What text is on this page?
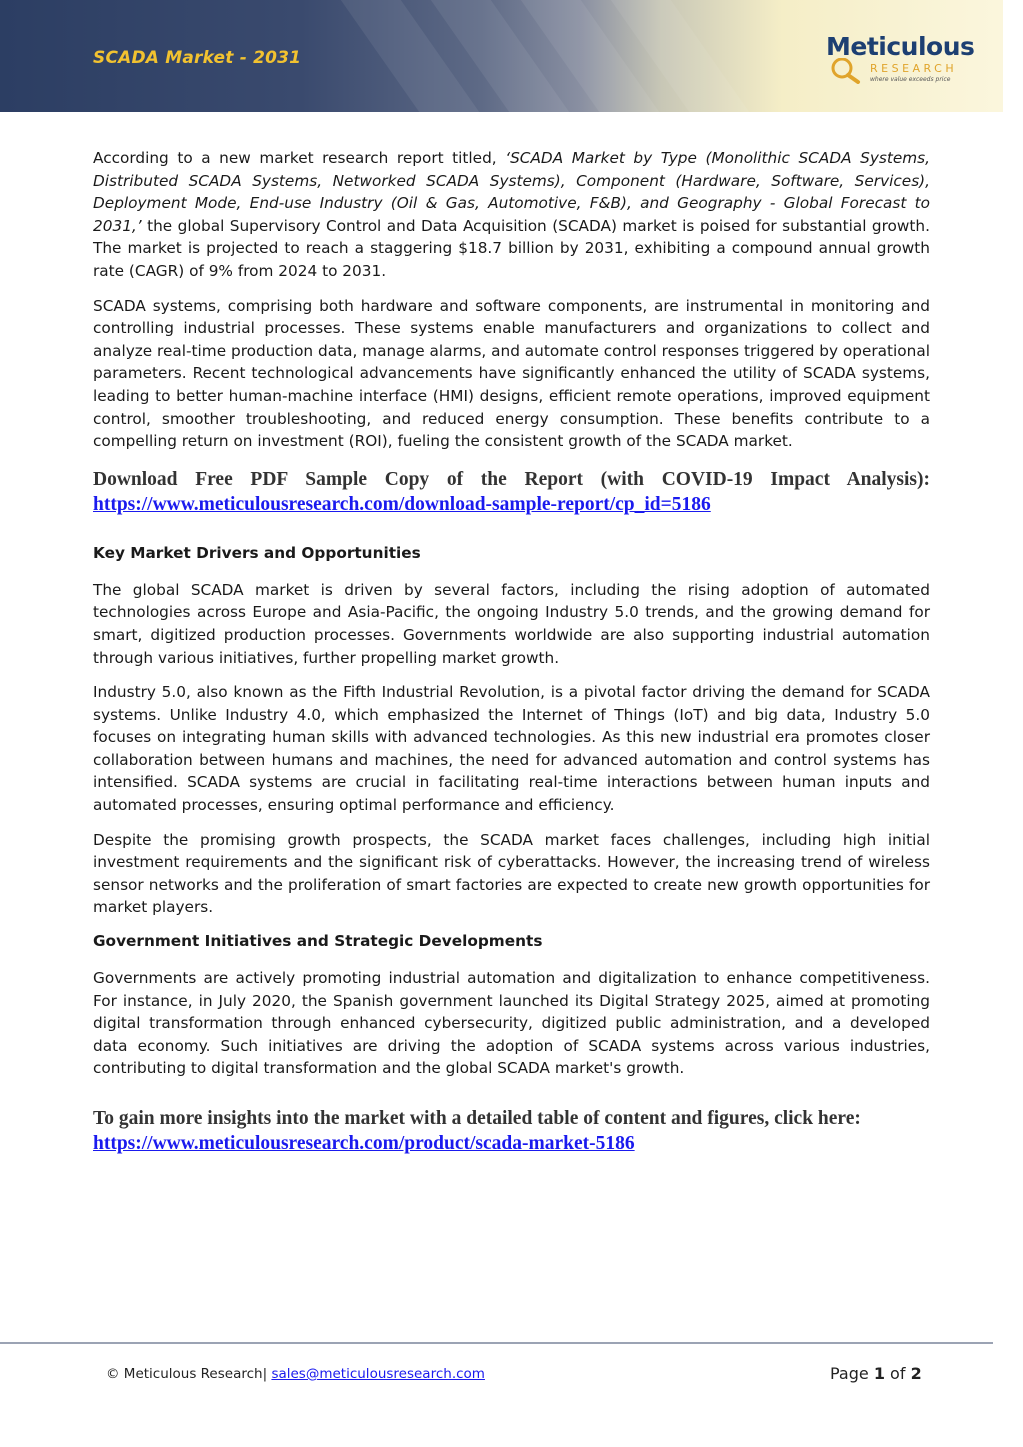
SCADA Market - 2031	Meticulous
RESEARCH
where value exceeds price

According to a new market research report titled, ‘SCADA Market by Type (Monolithic SCADA Systems, Distributed SCADA Systems, Networked SCADA Systems), Component (Hardware, Software, Services), Deployment Mode, End-use Industry (Oil & Gas, Automotive, F&B), and Geography - Global Forecast to 2031,’ the global Supervisory Control and Data Acquisition (SCADA) market is poised for substantial growth. The market is projected to reach a staggering $18.7 billion by 2031, exhibiting a compound annual growth rate (CAGR) of 9% from 2024 to 2031.

SCADA systems, comprising both hardware and software components, are instrumental in monitoring and controlling industrial processes. These systems enable manufacturers and organizations to collect and analyze real-time production data, manage alarms, and automate control responses triggered by operational parameters. Recent technological advancements have significantly enhanced the utility of SCADA systems, leading to better human-machine interface (HMI) designs, efficient remote operations, improved equipment control, smoother troubleshooting, and reduced energy consumption. These benefits contribute to a compelling return on investment (ROI), fueling the consistent growth of the SCADA market.

Download Free PDF Sample Copy of the Report (with COVID-19 Impact Analysis):
https://www.meticulousresearch.com/download-sample-report/cp_id=5186
Key Market Drivers and Opportunities

The global SCADA market is driven by several factors, including the rising adoption of automated technologies across Europe and Asia-Pacific, the ongoing Industry 5.0 trends, and the growing demand for smart, digitized production processes. Governments worldwide are also supporting industrial automation through various initiatives, further propelling market growth.

Industry 5.0, also known as the Fifth Industrial Revolution, is a pivotal factor driving the demand for SCADA systems. Unlike Industry 4.0, which emphasized the Internet of Things (IoT) and big data, Industry 5.0 focuses on integrating human skills with advanced technologies. As this new industrial era promotes closer collaboration between humans and machines, the need for advanced automation and control systems has intensified. SCADA systems are crucial in facilitating real-time interactions between human inputs and automated processes, ensuring optimal performance and efficiency.

Despite the promising growth prospects, the SCADA market faces challenges, including high initial investment requirements and the significant risk of cyberattacks. However, the increasing trend of wireless sensor networks and the proliferation of smart factories are expected to create new growth opportunities for market players.

Government Initiatives and Strategic Developments

Governments are actively promoting industrial automation and digitalization to enhance competitiveness. For instance, in July 2020, the Spanish government launched its Digital Strategy 2025, aimed at promoting digital transformation through enhanced cybersecurity, digitized public administration, and a developed data economy. Such initiatives are driving the adoption of SCADA systems across various industries, contributing to digital transformation and the global SCADA market's growth.

To gain more insights into the market with a detailed table of content and figures, click here:
https://www.meticulousresearch.com/product/scada-market-5186
© Meticulous Research| sales@meticulousresearch.com	Page 1 of 2
